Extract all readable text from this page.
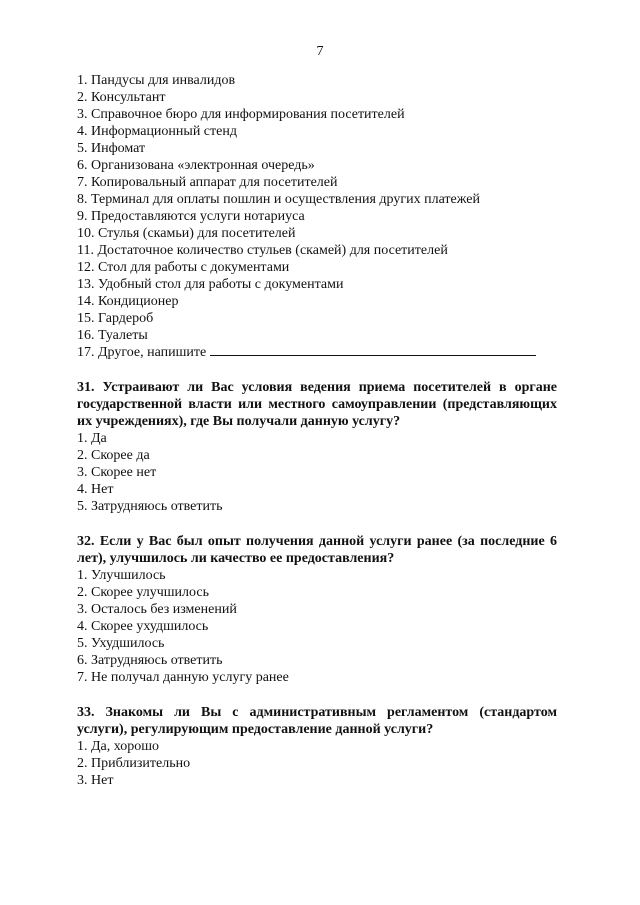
7
1. Пандусы для инвалидов
2. Консультант
3. Справочное бюро для информирования посетителей
4. Информационный стенд
5. Инфомат
6. Организована «электронная очередь»
7. Копировальный аппарат для посетителей
8. Терминал для оплаты пошлин и осуществления других платежей
9. Предоставляются услуги нотариуса
10. Стулья (скамьи) для посетителей
11. Достаточное количество стульев (скамей) для посетителей
12. Стол для работы с документами
13. Удобный стол для работы с документами
14. Кондиционер
15. Гардероб
16. Туалеты
17. Другое, напишите

31. Устраивают ли Вас условия ведения приема посетителей в органе государственной власти или местного самоуправлении (представляющих их учреждениях), где Вы получали данную услугу?

1. Да
2. Скорее да
3. Скорее нет
4. Нет
5. Затрудняюсь ответить

32. Если у Вас был опыт получения данной услуги ранее (за последние 6 лет), улучшилось ли качество ее предоставления?

1. Улучшилось
2. Скорее улучшилось
3. Осталось без изменений
4. Скорее ухудшилось
5. Ухудшилось
6. Затрудняюсь ответить
7. Не получал данную услугу ранее

33. Знакомы ли Вы с административным регламентом (стандартом услуги), регулирующим предоставление данной услуги?

1. Да, хорошо
2. Приблизительно
3. Нет
